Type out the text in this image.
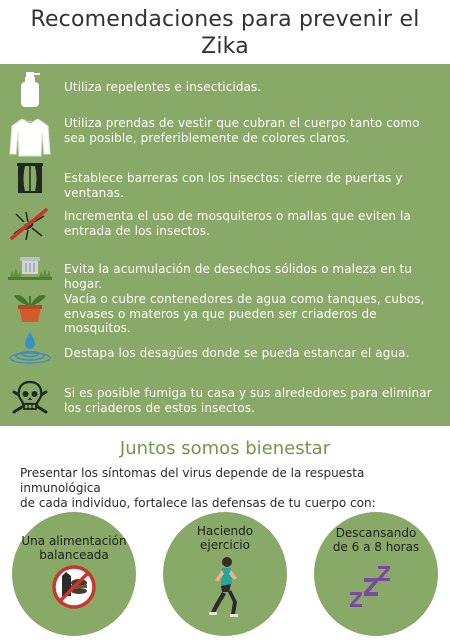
Recomendaciones para prevenir el
Zika
Utiliza repelentes e insecticidas.
Utiliza prendas de vestir que cubran el cuerpo tanto como sea posible, preferiblemente de colores claros.
Establece barreras con los insectos: cierre de puertas y ventanas.
Incrementa el uso de mosquiteros o mallas que eviten la entrada de los insectos.
Evita la acumulación de desechos sólidos o maleza en tu hogar.
Vacía o cubre contenedores de agua como tanques, cubos, envases o materos ya que pueden ser criaderos de mosquitos.
Destapa los desagües donde se pueda estancar el agua.
Si es posible fumiga tu casa y sus alrededores para eliminar los criaderos de estos insectos.
Juntos somos bienestar
Presentar los síntomas del virus depende de la respuesta inmunológica
de cada individuo, fortalece las defensas de tu cuerpo con:
Una alimentación
balanceada
Haciendo
ejercicio
Descansando
de 6 a 8 horas
